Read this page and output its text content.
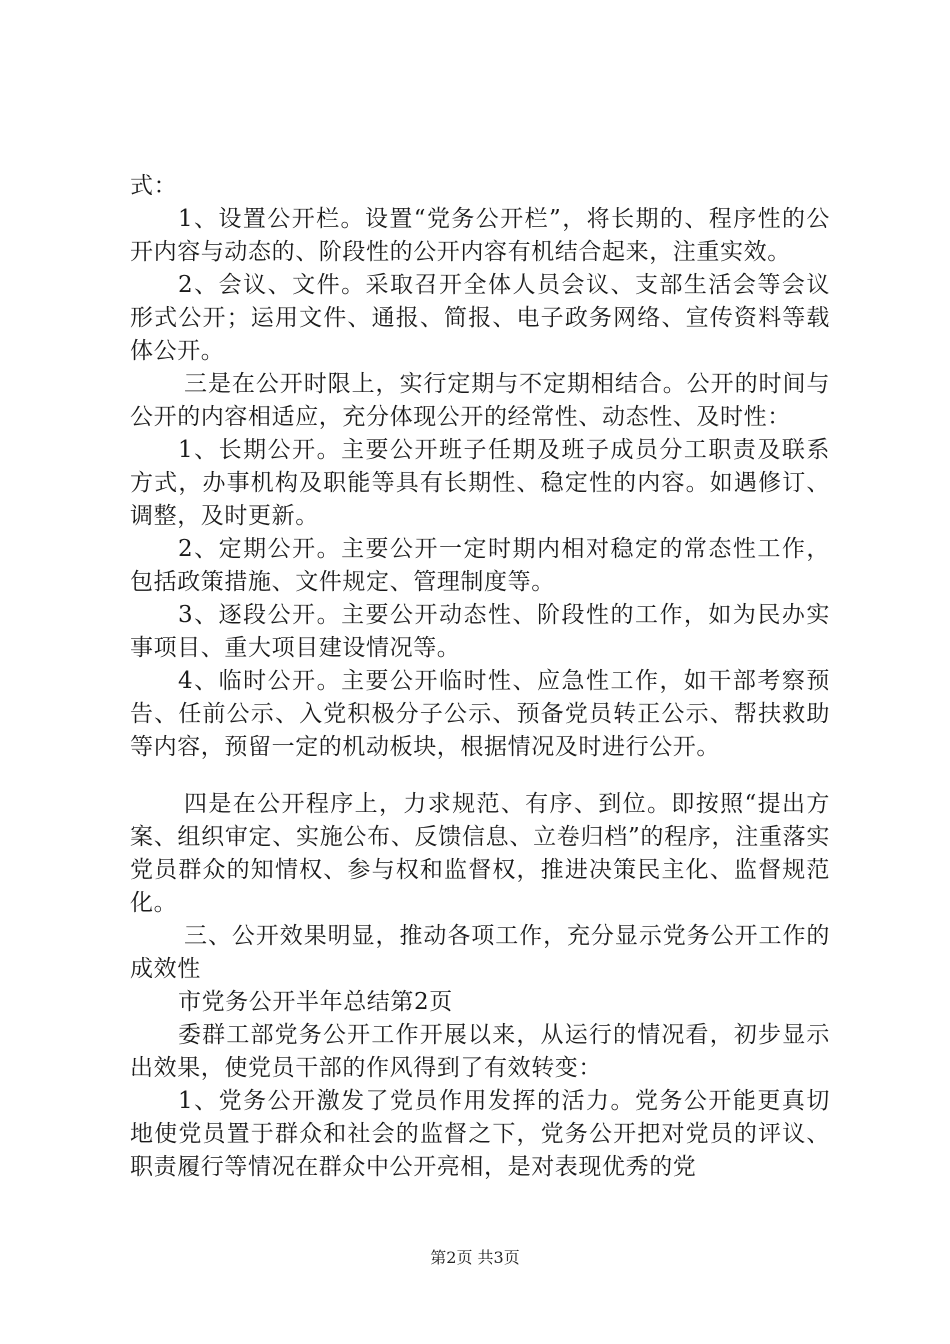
式：

1、设置公开栏。设置“党务公开栏”，将长期的、程序性的公开内容与动态的、阶段性的公开内容有机结合起来，注重实效。

2、会议、文件。采取召开全体人员会议、支部生活会等会议形式公开；运用文件、通报、简报、电子政务网络、宣传资料等载体公开。

三是在公开时限上，实行定期与不定期相结合。公开的时间与公开的内容相适应，充分体现公开的经常性、动态性、及时性：

1、长期公开。主要公开班子任期及班子成员分工职责及联系方式，办事机构及职能等具有长期性、稳定性的内容。如遇修订、调整，及时更新。

2、定期公开。主要公开一定时期内相对稳定的常态性工作，包括政策措施、文件规定、管理制度等。

3、逐段公开。主要公开动态性、阶段性的工作，如为民办实事项目、重大项目建设情况等。

4、临时公开。主要公开临时性、应急性工作，如干部考察预告、任前公示、入党积极分子公示、预备党员转正公示、帮扶救助等内容，预留一定的机动板块，根据情况及时进行公开。

四是在公开程序上，力求规范、有序、到位。即按照“提出方案、组织审定、实施公布、反馈信息、立卷归档”的程序，注重落实党员群众的知情权、参与权和监督权，推进决策民主化、监督规范化。

三、公开效果明显，推动各项工作，充分显示党务公开工作的成效性

市党务公开半年总结第2页

委群工部党务公开工作开展以来，从运行的情况看，初步显示出效果，使党员干部的作风得到了有效转变：

1、党务公开激发了党员作用发挥的活力。党务公开能更真切地使党员置于群众和社会的监督之下，党务公开把对党员的评议、职责履行等情况在群众中公开亮相，是对表现优秀的党

第2页 共3页
